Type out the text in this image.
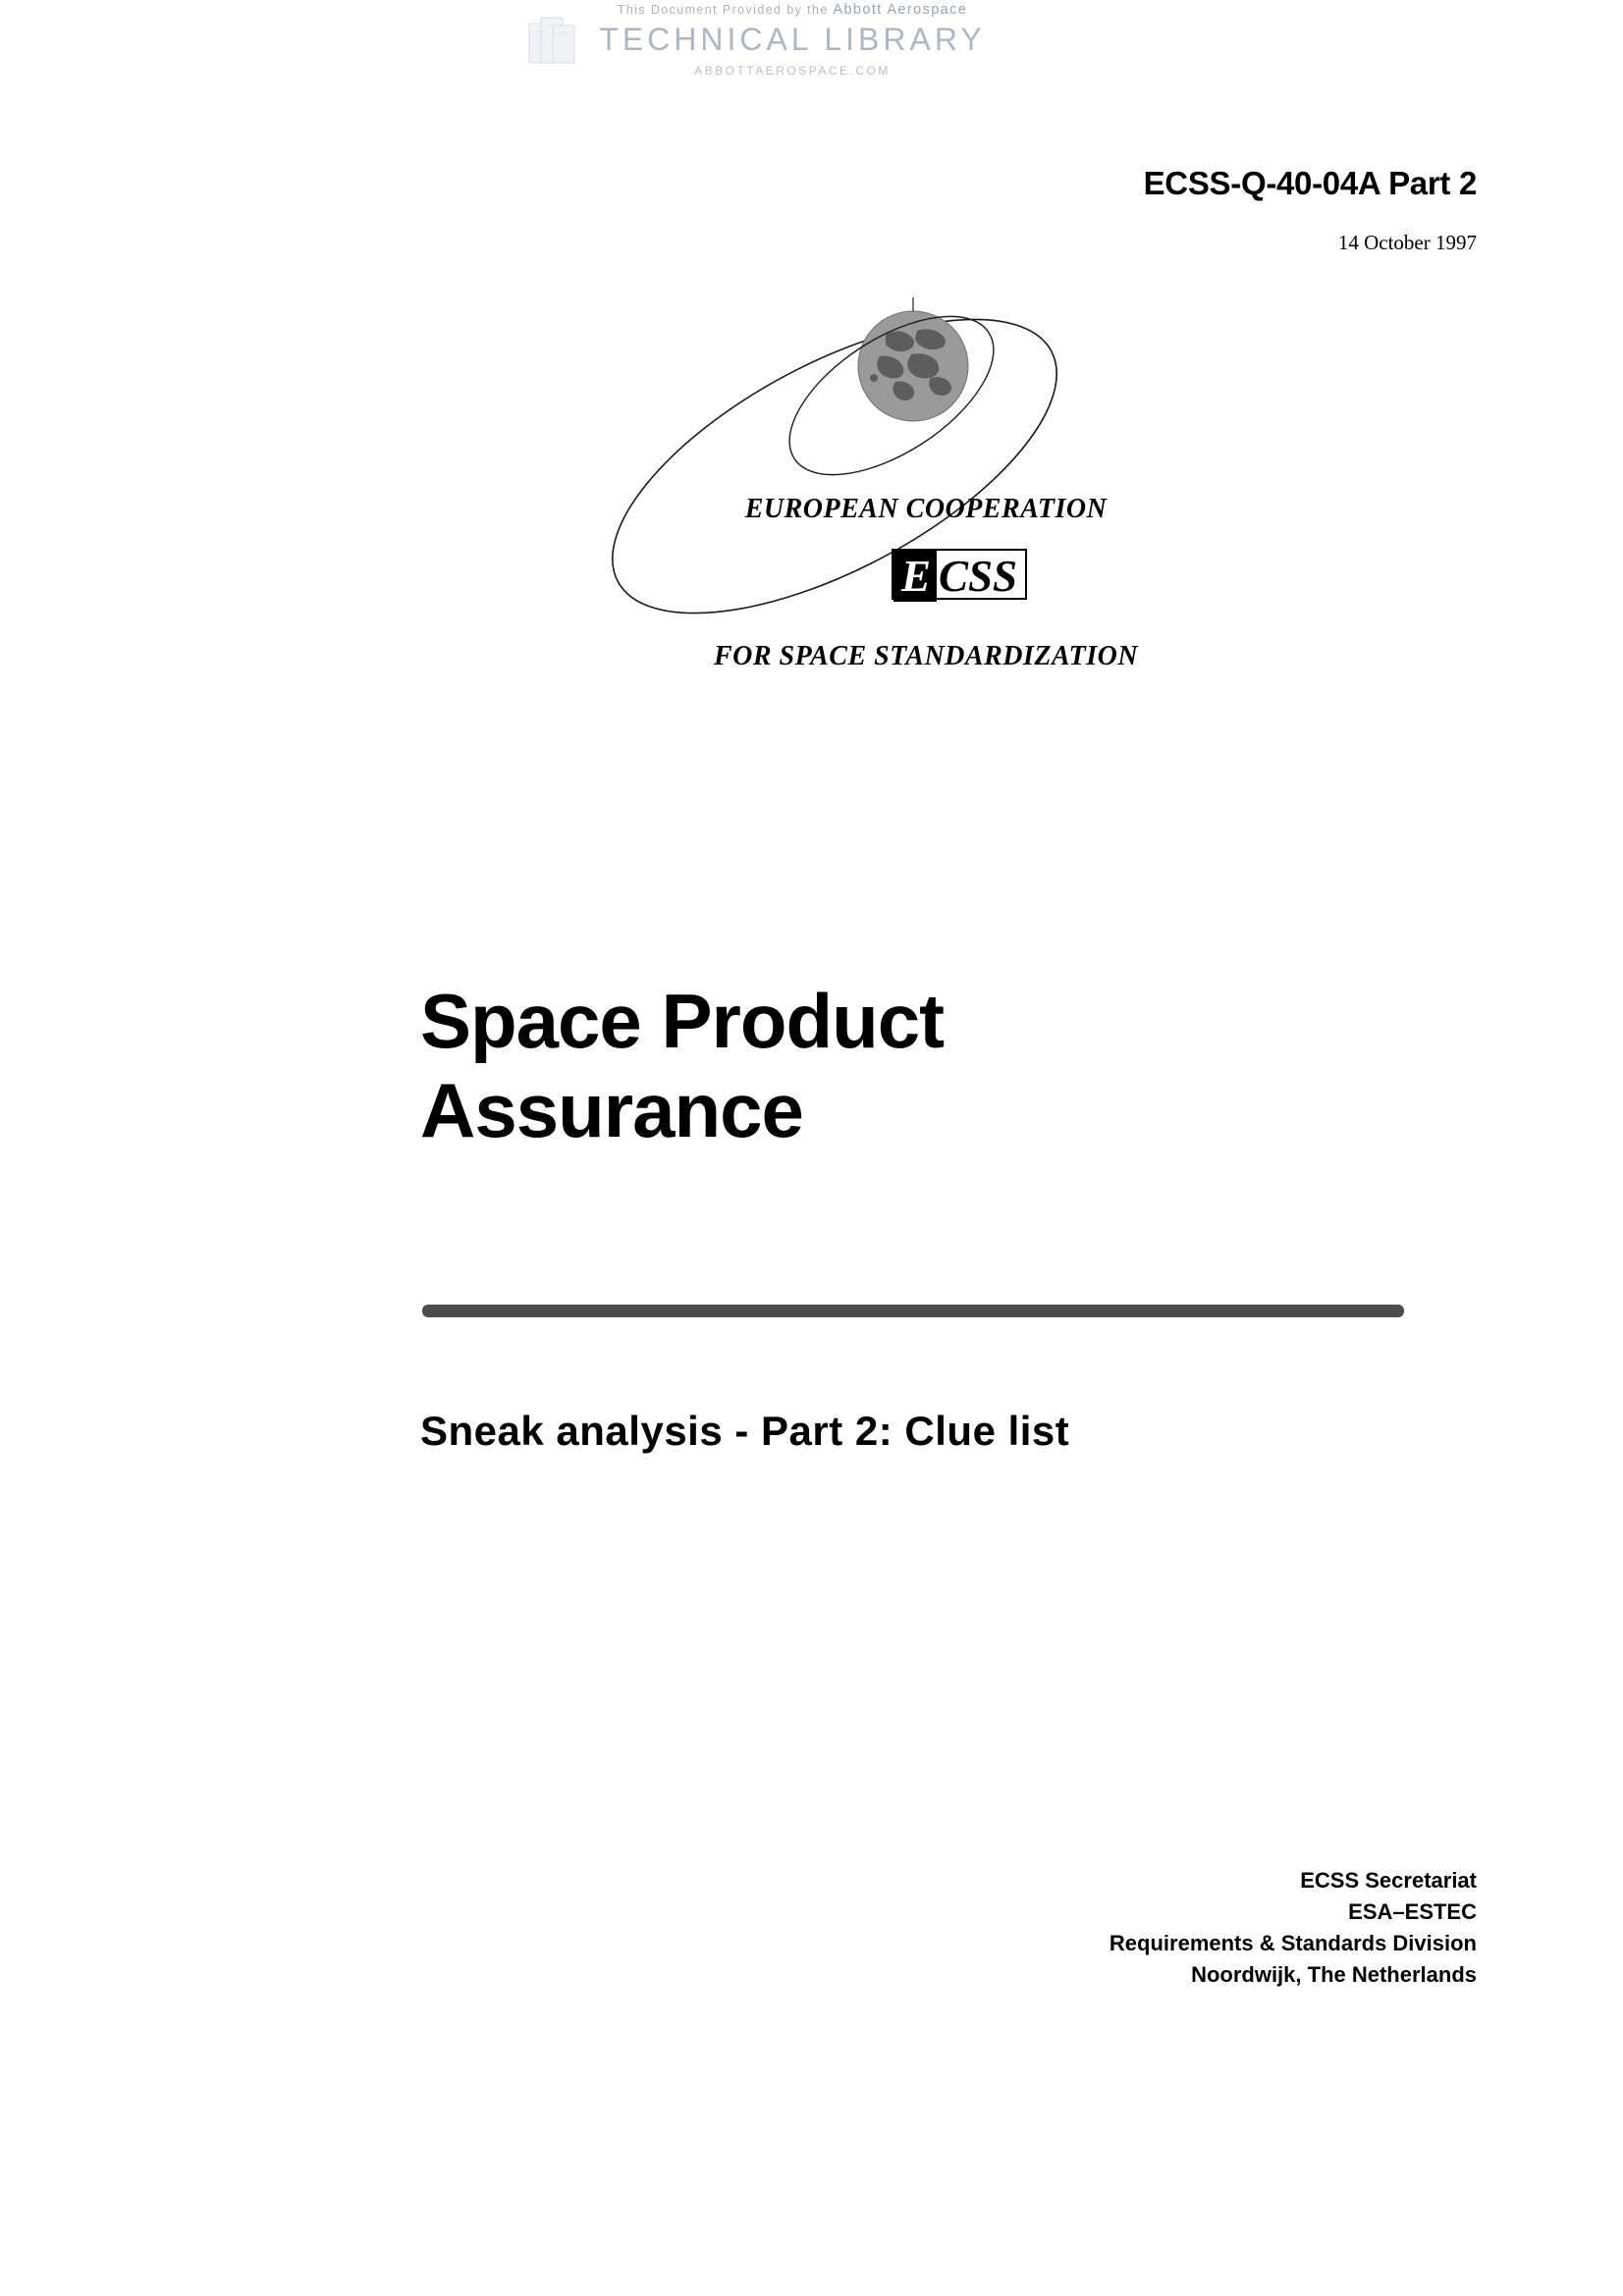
This Document Provided by the Abbott Aerospace
TECHNICAL LIBRARY
ABBOTTAEROSPACE.COM
ECSS-Q-40-04A Part 2
14 October 1997
EUROPEAN COOPERATION
E CSS
FOR SPACE STANDARDIZATION
Space Product
Assurance
Sneak analysis - Part 2: Clue list
ECSS Secretariat
ESA–ESTEC
Requirements & Standards Division
Noordwijk, The Netherlands
